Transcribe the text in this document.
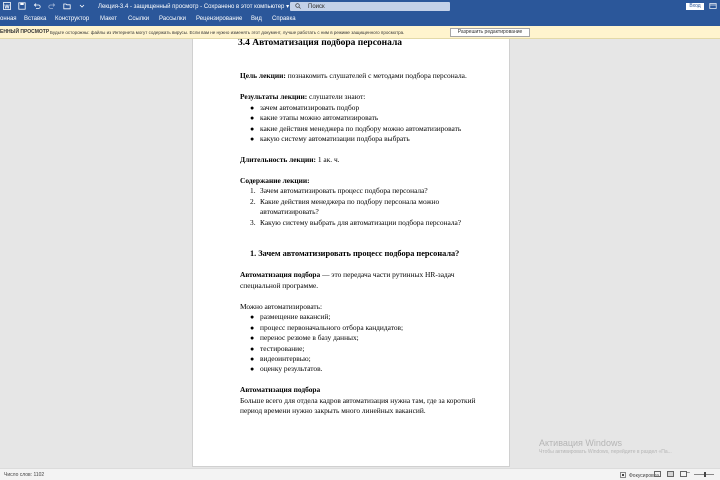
W	Лекция-3.4 - защищенный просмотр - Сохранено в этот компьютер ▾	Поиск	Вход
онная Вставка Конструктор Макет Ссылки Рассылки Рецензирование Вид Справка
ЕННЫЙ ПРОСМОТР Будьте осторожны: файлы из Интернета могут содержать вирусы. Если вам не нужно изменять этот документ, лучше работать с ним в режиме защищенного просмотра.	Разрешить редактирование
3.4 Автоматизация подбора персонала
Цель лекции: познакомить слушателей с методами подбора персонала.
Результаты лекции: слушатели знают:
● зачем автоматизировать подбор
● какие этапы можно автоматизировать
● какие действия менеджера по подбору можно автоматизировать
● какую систему автоматизации подбора выбрать
Длительность лекции: 1 ак. ч.
Содержание лекции:
1. Зачем автоматизировать процесс подбора персонала?
2. Какие действия менеджера по подбору персонала можно
автоматизировать?
3. Какую систему выбрать для автоматизации подбора персонала?
1. Зачем автоматизировать процесс подбора персонала?
Автоматизация подбора — это передача части рутинных HR-задач
специальной программе.
Можно автоматизировать:
● размещение вакансий;
● процесс первоначального отбора кандидатов;
● перенос резюме в базу данных;
● тестирование;
● видеоинтервью;
● оценку результатов.
Автоматизация подбора
Больше всего для отдела кадров автоматизация нужна там, где за короткий
период времени нужно закрыть много линейных вакансий.
Активация Windows
Чтобы активировать Windows, перейдите в раздел «Па...
Число слов: 1102	Фокусировка	−
